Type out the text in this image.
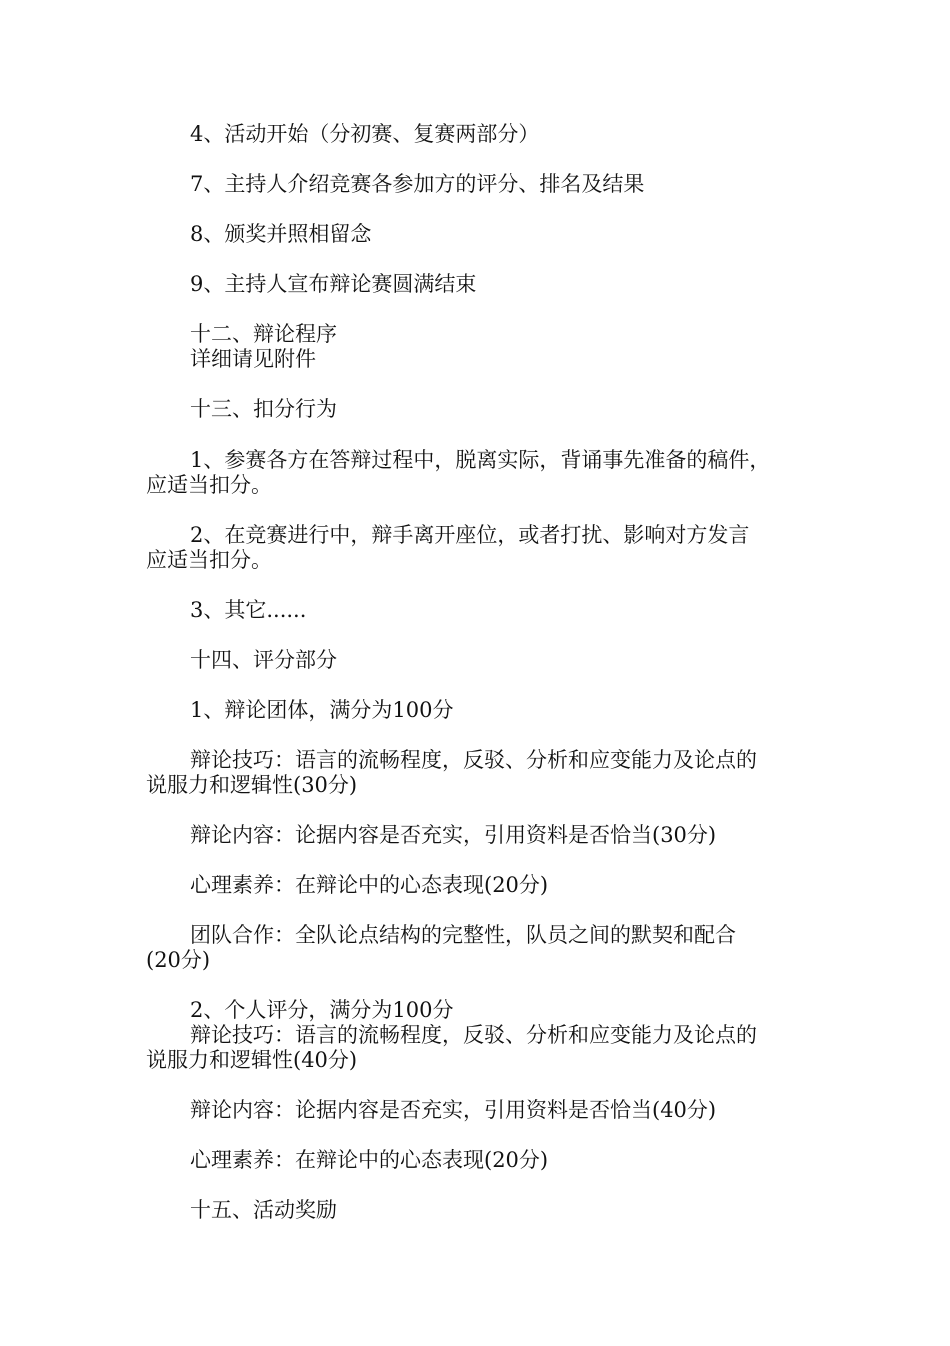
4、活动开始（分初赛、复赛两部分）
7、主持人介绍竞赛各参加方的评分、排名及结果
8、颁奖并照相留念
9、主持人宣布辩论赛圆满结束
十二、辩论程序
详细请见附件
十三、扣分行为
1、参赛各方在答辩过程中，脱离实际，背诵事先准备的稿件，
应适当扣分。
2、在竞赛进行中，辩手离开座位，或者打扰、影响对方发言
应适当扣分。
3、其它......
十四、评分部分
1、辩论团体，满分为100分
辩论技巧：语言的流畅程度，反驳、分析和应变能力及论点的
说服力和逻辑性(30分)
辩论内容：论据内容是否充实，引用资料是否恰当(30分)
心理素养：在辩论中的心态表现(20分)
团队合作：全队论点结构的完整性，队员之间的默契和配合
(20分)
2、个人评分，满分为100分
辩论技巧：语言的流畅程度，反驳、分析和应变能力及论点的
说服力和逻辑性(40分)
辩论内容：论据内容是否充实，引用资料是否恰当(40分)
心理素养：在辩论中的心态表现(20分)
十五、活动奖励
